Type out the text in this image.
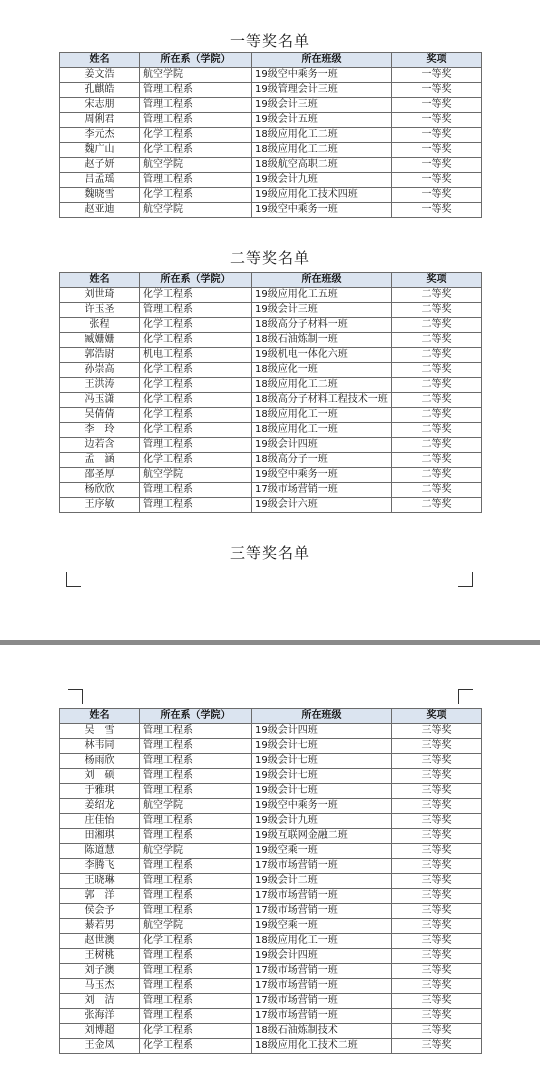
一等奖名单
姓名	所在系（学院）	所在班级	奖项
姜文浩	航空学院	19级空中乘务一班	一等奖
孔麒皓	管理工程系	19级管理会计三班	一等奖
宋志朋	管理工程系	19级会计三班	一等奖
周俐君	管理工程系	19级会计五班	一等奖
李元杰	化学工程系	18级应用化工二班	一等奖
魏广山	化学工程系	18级应用化工二班	一等奖
赵子妍	航空学院	18级航空高职二班	一等奖
吕孟瑶	管理工程系	19级会计九班	一等奖
魏晓雪	化学工程系	19级应用化工技术四班	一等奖
赵亚迪	航空学院	19级空中乘务一班	一等奖
二等奖名单
姓名	所在系（学院）	所在班级	奖项
刘世琦	化学工程系	19级应用化工五班	二等奖
许玉圣	管理工程系	19级会计三班	二等奖
张程	化学工程系	18级高分子材料一班	二等奖
臧姗姗	化学工程系	18级石油炼制一班	二等奖
郭浩尉	机电工程系	19级机电一体化六班	二等奖
孙崇高	化学工程系	18级应化一班	二等奖
王洪涛	化学工程系	18级应用化工二班	二等奖
冯玉潇	化学工程系	18级高分子材料工程技术一班	二等奖
吴倩倩	化学工程系	18级应用化工一班	二等奖
李　玲	化学工程系	18级应用化工一班	二等奖
边若含	管理工程系	19级会计四班	二等奖
孟　涵	化学工程系	18级高分子一班	二等奖
邵圣厚	航空学院	19级空中乘务一班	二等奖
杨欣欣	管理工程系	17级市场营销一班	二等奖
王序敏	管理工程系	19级会计六班	二等奖
三等奖名单
姓名	所在系（学院）	所在班级	奖项
吴　雪	管理工程系	19级会计四班	三等奖
林韦同	管理工程系	19级会计七班	三等奖
杨雨欣	管理工程系	19级会计七班	三等奖
刘　硕	管理工程系	19级会计七班	三等奖
于雅琪	管理工程系	19级会计七班	三等奖
姜绍龙	航空学院	19级空中乘务一班	三等奖
庄佳怡	管理工程系	19级会计九班	三等奖
田湘琪	管理工程系	19级互联网金融二班	三等奖
陈道慧	航空学院	19级空乘一班	三等奖
李腾飞	管理工程系	17级市场营销一班	三等奖
王晓琳	管理工程系	19级会计二班	三等奖
郭　洋	管理工程系	17级市场营销一班	三等奖
侯会予	管理工程系	17级市场营销一班	三等奖
綦若男	航空学院	19级空乘一班	三等奖
赵世澳	化学工程系	18级应用化工一班	三等奖
王树桃	管理工程系	19级会计四班	三等奖
刘子澳	管理工程系	17级市场营销一班	三等奖
马玉杰	管理工程系	17级市场营销一班	三等奖
刘　洁	管理工程系	17级市场营销一班	三等奖
张海洋	管理工程系	17级市场营销一班	三等奖
刘博超	化学工程系	18级石油炼制技术	三等奖
王金凤	化学工程系	18级应用化工技术二班	三等奖
